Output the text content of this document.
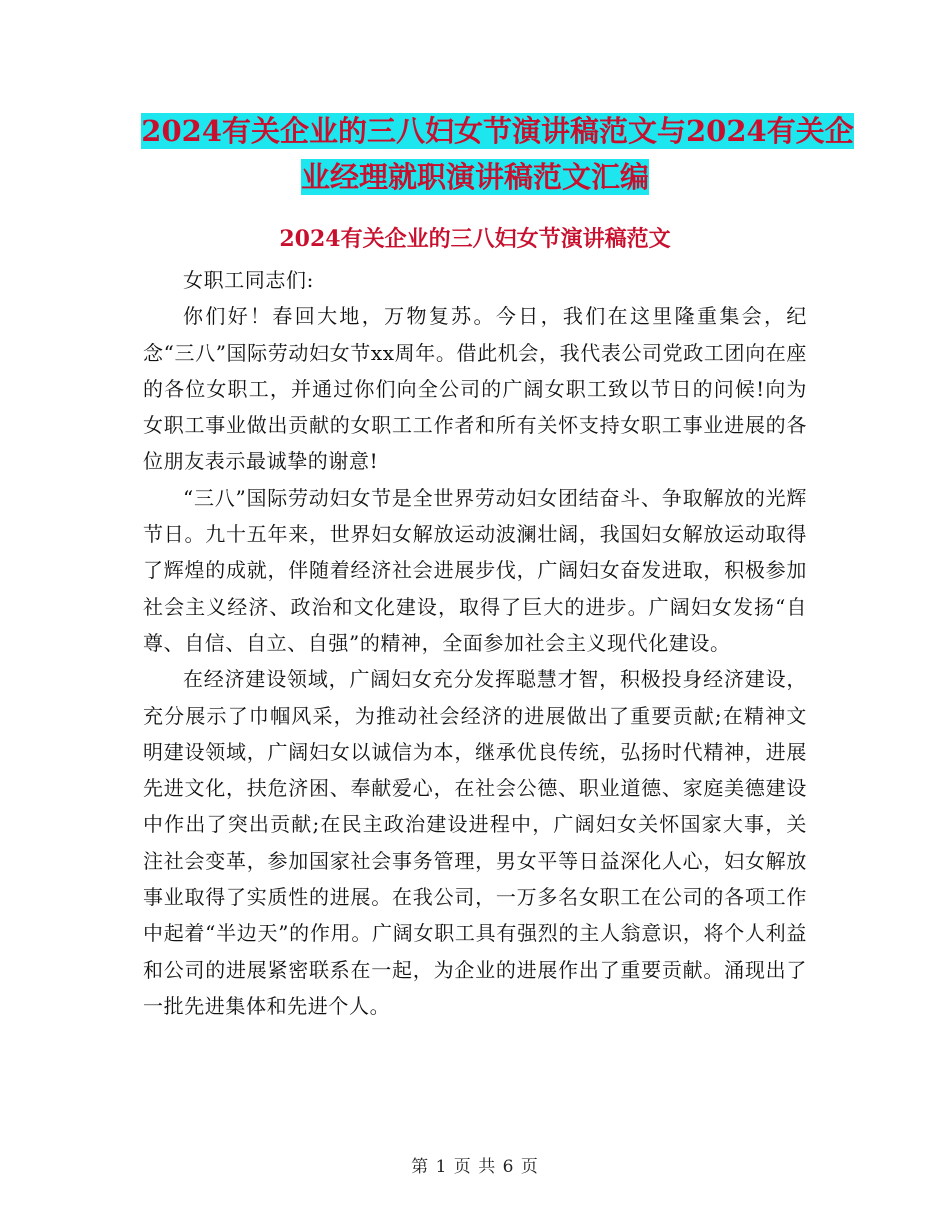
2024有关企业的三八妇女节演讲稿范文与2024有关企
业经理就职演讲稿范文汇编
2024有关企业的三八妇女节演讲稿范文

女职工同志们:

你们好！春回大地，万物复苏。今日，我们在这里隆重集会，纪念“三八”国际劳动妇女节xx周年。借此机会，我代表公司党政工团向在座的各位女职工，并通过你们向全公司的广阔女职工致以节日的问候!向为女职工事业做出贡献的女职工工作者和所有关怀支持女职工事业进展的各位朋友表示最诚挚的谢意!

“三八”国际劳动妇女节是全世界劳动妇女团结奋斗、争取解放的光辉节日。九十五年来，世界妇女解放运动波澜壮阔，我国妇女解放运动取得了辉煌的成就，伴随着经济社会进展步伐，广阔妇女奋发进取，积极参加社会主义经济、政治和文化建设，取得了巨大的进步。广阔妇女发扬“自尊、自信、自立、自强”的精神，全面参加社会主义现代化建设。

在经济建设领域，广阔妇女充分发挥聪慧才智，积极投身经济建设，充分展示了巾帼风采，为推动社会经济的进展做出了重要贡献;在精神文明建设领域，广阔妇女以诚信为本，继承优良传统，弘扬时代精神，进展先进文化，扶危济困、奉献爱心，在社会公德、职业道德、家庭美德建设中作出了突出贡献;在民主政治建设进程中，广阔妇女关怀国家大事，关注社会变革，参加国家社会事务管理，男女平等日益深化人心，妇女解放事业取得了实质性的进展。在我公司，一万多名女职工在公司的各项工作中起着“半边天”的作用。广阔女职工具有强烈的主人翁意识，将个人利益和公司的进展紧密联系在一起，为企业的进展作出了重要贡献。涌现出了一批先进集体和先进个人。

第 1 页 共 6 页
